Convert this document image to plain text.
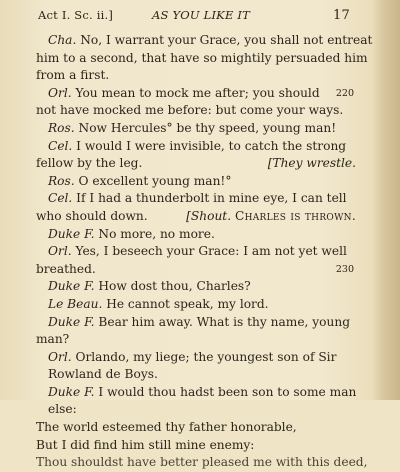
Act I. Sc. ii.]	AS YOU LIKE IT	17
Cha. No, I warrant your Grace, you shall not entreat
him to a second, that have so mightily persuaded him
from a first.
Orl. You mean to mock me after; you should 220
not have mocked me before: but come your ways.
Ros. Now Hercules° be thy speed, young man!
Cel. I would I were invisible, to catch the strong
fellow by the leg.	[They wrestle.
Ros. O excellent young man!°
Cel. If I had a thunderbolt in mine eye, I can tell
who should down.	[Shout. Charles is thrown.
Duke F. No more, no more.
Orl. Yes, I beseech your Grace: I am not yet well
breathed.	230
Duke F. How dost thou, Charles?
Le Beau. He cannot speak, my lord.
Duke F. Bear him away. What is thy name, young
man?
Orl. Orlando, my liege; the youngest son of Sir
Rowland de Boys.
Duke F. I would thou hadst been son to some man
else:
The world esteemed thy father honorable,
But I did find him still mine enemy:
Thou shouldst have better pleased me with this deed,
